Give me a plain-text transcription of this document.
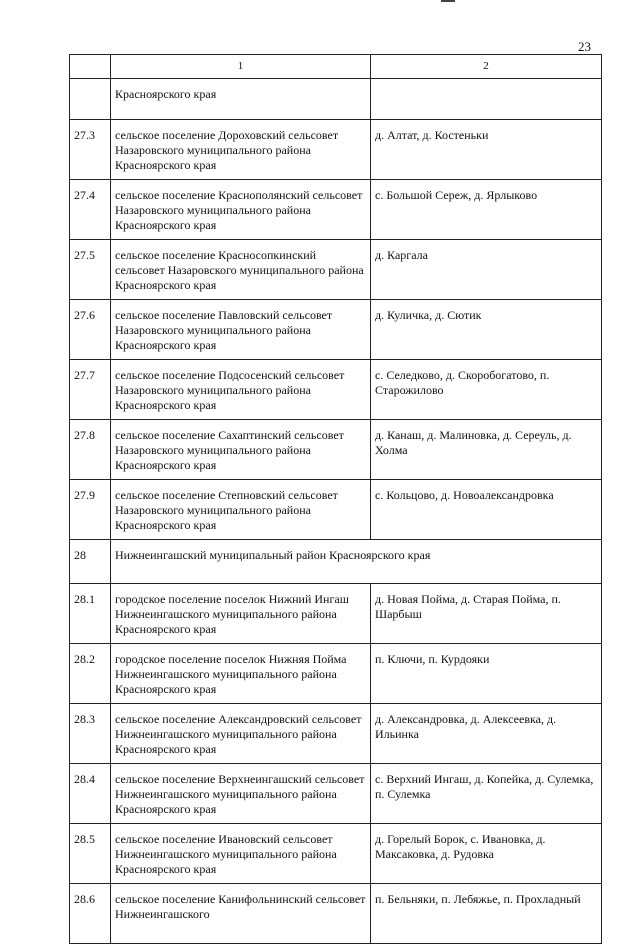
23
	1	2
	Красноярского края	
27.3	сельское поселение Дороховский сельсовет Назаровского муниципального района Красноярского края	д. Алтат, д. Костеньки
27.4	сельское поселение Краснополянский сельсовет Назаровского муниципального района Красноярского края	с. Большой Сереж, д. Ярлыково
27.5	сельское поселение Красносопкинский сельсовет Назаровского муниципального района Красноярского края	д. Каргала
27.6	сельское поселение Павловский сельсовет Назаровского муниципального района Красноярского края	д. Куличка, д. Сютик
27.7	сельское поселение Подсосенский сельсовет Назаровского муниципального района Красноярского края	с. Селедково, д. Скоробогатово, п. Старожилово
27.8	сельское поселение Сахаптинский сельсовет Назаровского муниципального района Красноярского края	д. Канаш, д. Малиновка, д. Сереуль, д. Холма
27.9	сельское поселение Степновский сельсовет Назаровского муниципального района Красноярского края	с. Кольцово, д. Новоалександровка
28	Нижнеингашский муниципальный район Красноярского края	
28.1	городское поселение поселок Нижний Ингаш Нижнеингашского муниципального района Красноярского края	д. Новая Пойма, д. Старая Пойма, п. Шарбыш
28.2	городское поселение поселок Нижняя Пойма Нижнеингашского муниципального района Красноярского края	п. Ключи, п. Курдояки
28.3	сельское поселение Александровский сельсовет Нижнеингашского муниципального района Красноярского края	д. Александровка, д. Алексеевка, д. Ильинка
28.4	сельское поселение Верхнеингашский сельсовет Нижнеингашского муниципального района Красноярского края	с. Верхний Ингаш, д. Копейка, д. Сулемка, п. Сулемка
28.5	сельское поселение Ивановский сельсовет Нижнеингашского муниципального района Красноярского края	д. Горелый Борок, с. Ивановка, д. Максаковка, д. Рудовка
28.6	сельское поселение Канифольнинский сельсовет Нижнеингашского	п. Бельняки, п. Лебяжье, п. Прохладный
